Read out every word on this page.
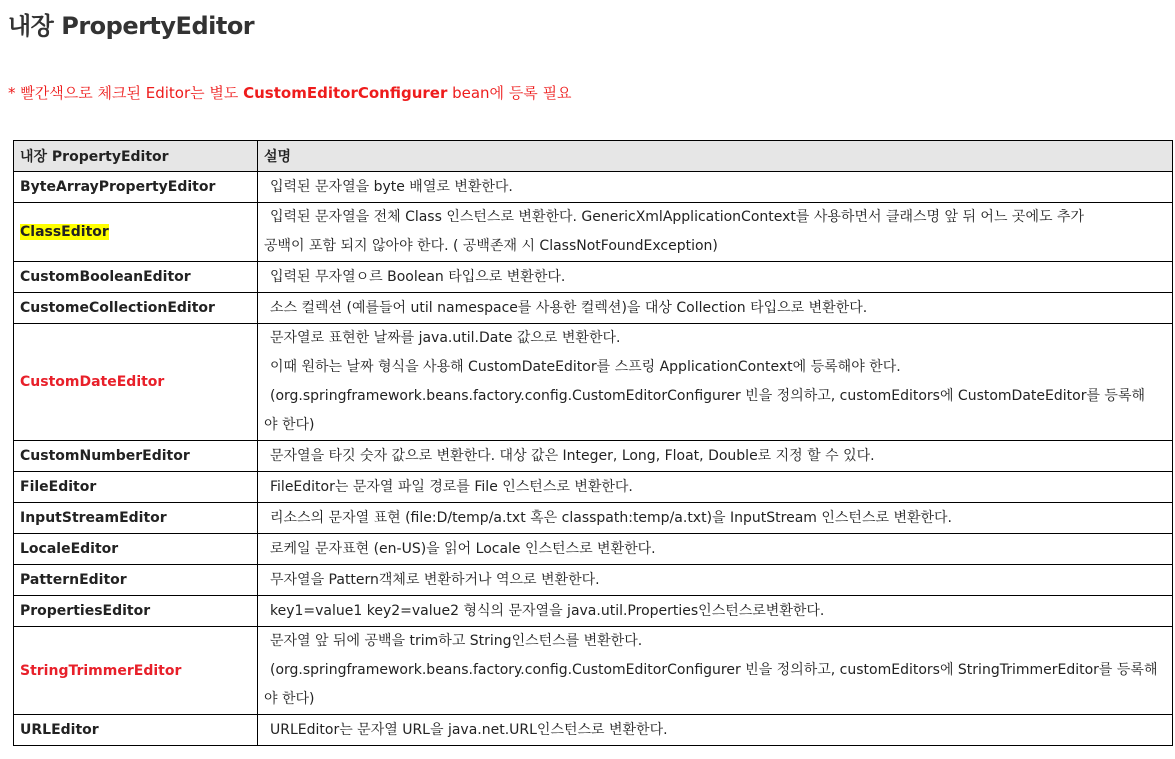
내장 PropertyEditor
* 빨간색으로 체크된 Editor는 별도 CustomEditorConfigurer bean에 등록 필요
내장 PropertyEditor	설명
ByteArrayPropertyEditor	입력된 문자열을 byte 배열로 변환한다.

ClassEditor	입력된 문자열을 전체 Class 인스턴스로 변환한다. GenericXmlApplicationContext를 사용하면서 클래스명 앞 뒤 어느 곳에도 추가
공백이 포함 되지 않아야 한다. ( 공백존재 시 ClassNotFoundException)

CustomBooleanEditor	입력된 무자열ㅇ르 Boolean 타입으로 변환한다.

CustomeCollectionEditor	소스 컬렉션 (예를들어 util namespace를 사용한 컬렉션)을 대상 Collection 타입으로 변환한다.

CustomDateEditor	문자열로 표현한 날짜를 java.util.Date 값으로 변환한다.
이때 원하는 날짜 형식을 사용해 CustomDateEditor를 스프링 ApplicationContext에 등록해야 한다.
(org.springframework.beans.factory.config.CustomEditorConfigurer 빈을 정의하고, customEditors에 CustomDateEditor를 등록해
야 한다)

CustomNumberEditor	문자열을 타깃 숫자 값으로 변환한다. 대상 값은 Integer, Long, Float, Double로 지정 할 수 있다.

FileEditor	FileEditor는 문자열 파일 경로를 File 인스턴스로 변환한다.

InputStreamEditor	리소스의 문자열 표현 (file:D/temp/a.txt 혹은 classpath:temp/a.txt)을 InputStream 인스턴스로 변환한다.

LocaleEditor	로케일 문자표현 (en-US)을 읽어 Locale 인스턴스로 변환한다.

PatternEditor	무자열을 Pattern객체로 변환하거나 역으로 변환한다.

PropertiesEditor	key1=value1 key2=value2 형식의 문자열을 java.util.Properties인스턴스로변환한다.

StringTrimmerEditor	문자열 앞 뒤에 공백을 trim하고 String인스턴스를 변환한다.
(org.springframework.beans.factory.config.CustomEditorConfigurer 빈을 정의하고, customEditors에 StringTrimmerEditor를 등록해
야 한다)

URLEditor	URLEditor는 문자열 URL을 java.net.URL인스턴스로 변환한다.
